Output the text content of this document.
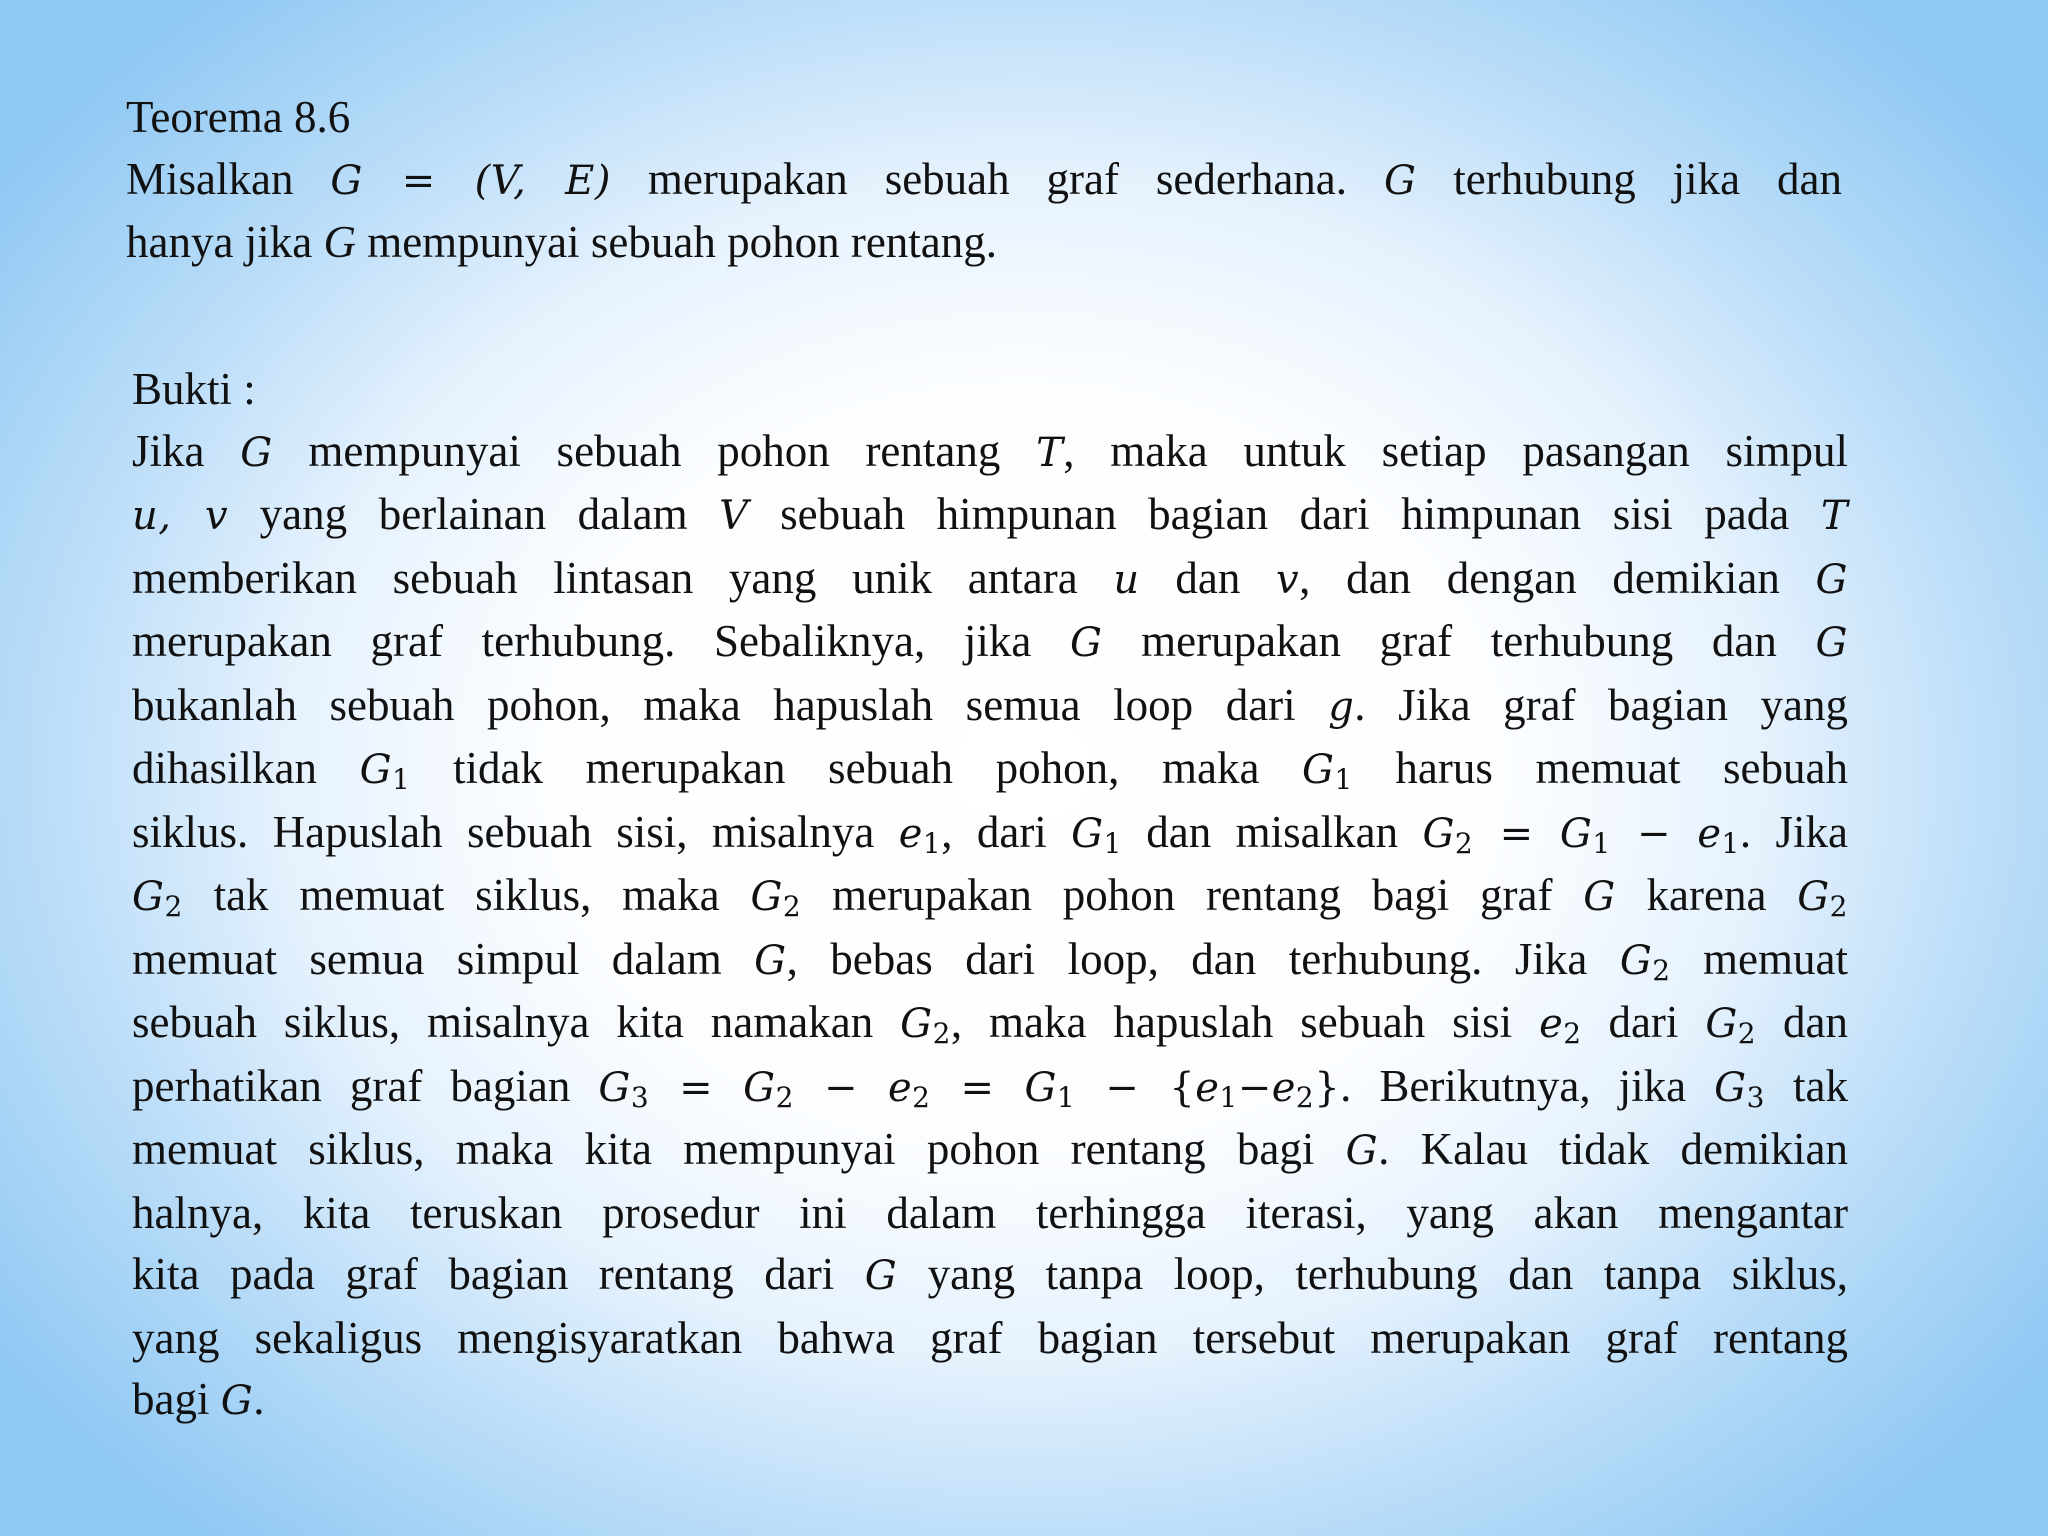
Teorema 8.6
Misalkan G = (V, E) merupakan sebuah graf sederhana. G terhubung jika dan
hanya jika G mempunyai sebuah pohon rentang.
Bukti :
Jika G mempunyai sebuah pohon rentang T, maka untuk setiap pasangan simpul
u, v yang berlainan dalam V sebuah himpunan bagian dari himpunan sisi pada T
memberikan sebuah lintasan yang unik antara u dan v, dan dengan demikian G
merupakan graf terhubung. Sebaliknya, jika G merupakan graf terhubung dan G
bukanlah sebuah pohon, maka hapuslah semua loop dari g. Jika graf bagian yang
dihasilkan $G_1$ tidak merupakan sebuah pohon, maka $G_1$ harus memuat sebuah
siklus. Hapuslah sebuah sisi, misalnya $e_1$, dari $G_1$ dan misalkan $G_2 = G_1 - e_1$. Jika
$G_2$ tak memuat siklus, maka $G_2$ merupakan pohon rentang bagi graf G karena $G_2$
memuat semua simpul dalam G, bebas dari loop, dan terhubung. Jika $G_2$ memuat
sebuah siklus, misalnya kita namakan $G_2$, maka hapuslah sebuah sisi $e_2$ dari $G_2$ dan
perhatikan graf bagian $G_3 = G_2 - e_2 = G_1 - \{e_1-e_2\}$. Berikutnya, jika $G_3$ tak
memuat siklus, maka kita mempunyai pohon rentang bagi G. Kalau tidak demikian
halnya, kita teruskan prosedur ini dalam terhingga iterasi, yang akan mengantar
kita pada graf bagian rentang dari G yang tanpa loop, terhubung dan tanpa siklus,
yang sekaligus mengisyaratkan bahwa graf bagian tersebut merupakan graf rentang
bagi G.
